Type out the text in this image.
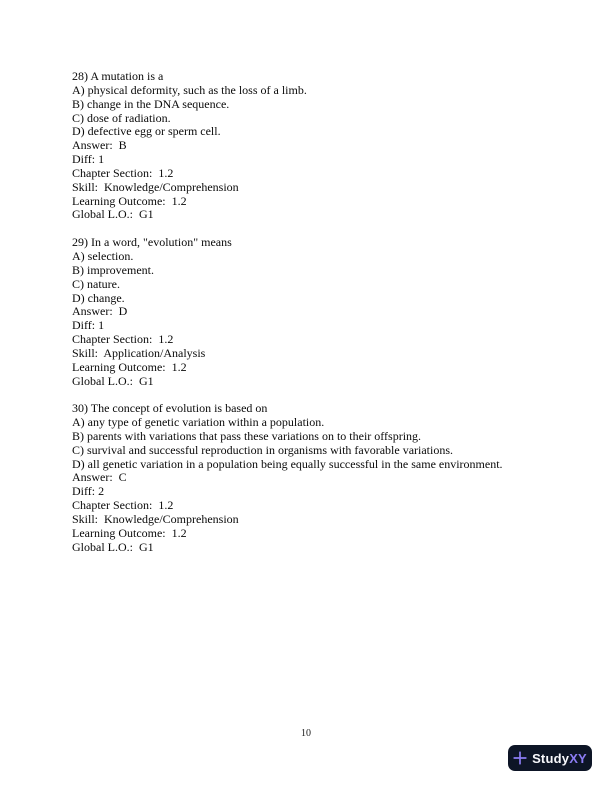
28) A mutation is a
A) physical deformity, such as the loss of a limb.
B) change in the DNA sequence.
C) dose of radiation.
D) defective egg or sperm cell.
Answer:  B
Diff: 1
Chapter Section:  1.2
Skill:  Knowledge/Comprehension
Learning Outcome:  1.2
Global L.O.:  G1
29) In a word, "evolution" means
A) selection.
B) improvement.
C) nature.
D) change.
Answer:  D
Diff: 1
Chapter Section:  1.2
Skill:  Application/Analysis
Learning Outcome:  1.2
Global L.O.:  G1
30) The concept of evolution is based on
A) any type of genetic variation within a population.
B) parents with variations that pass these variations on to their offspring.
C) survival and successful reproduction in organisms with favorable variations.
D) all genetic variation in a population being equally successful in the same environment.
Answer:  C
Diff: 2
Chapter Section:  1.2
Skill:  Knowledge/Comprehension
Learning Outcome:  1.2
Global L.O.:  G1
10
StudyXY
